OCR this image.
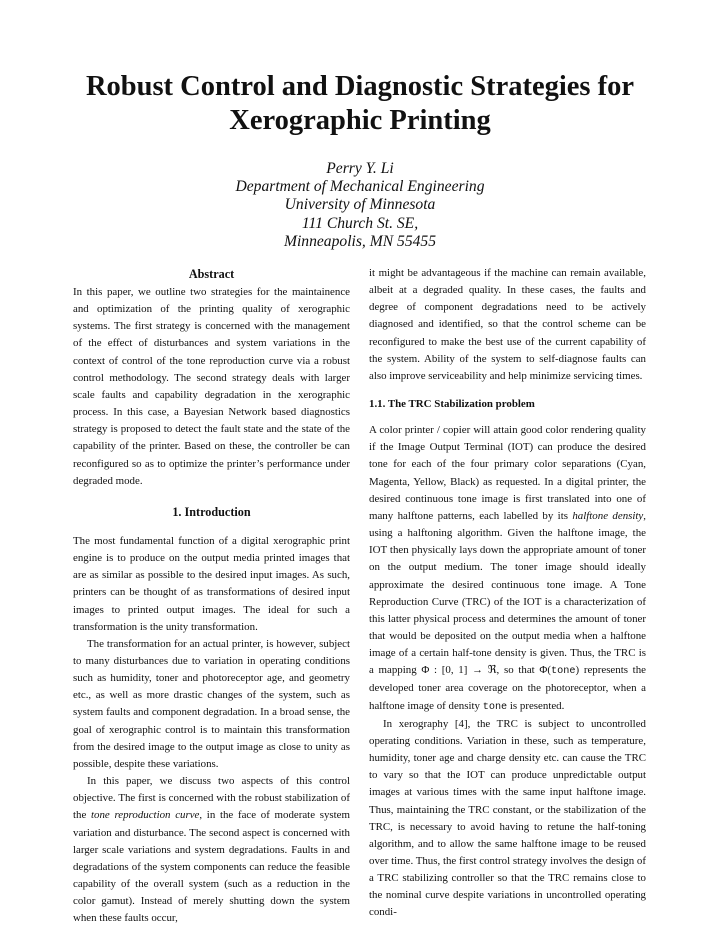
Robust Control and Diagnostic Strategies for
Xerographic Printing
Perry Y. Li
Department of Mechanical Engineering
University of Minnesota
111 Church St. SE,
Minneapolis, MN 55455
Abstract

In this paper, we outline two strategies for the maintainence and optimization of the printing quality of xerographic systems. The first strategy is concerned with the management of the effect of disturbances and system variations in the context of control of the tone reproduction curve via a robust control methodology. The second strategy deals with larger scale faults and capability degradation in the xerographic process. In this case, a Bayesian Network based diagnostics strategy is proposed to detect the fault state and the state of the capability of the printer. Based on these, the controller be can reconfigured so as to optimize the printer’s performance under degraded mode.

1. Introduction

The most fundamental function of a digital xerographic print engine is to produce on the output media printed images that are as similar as possible to the desired input images. As such, printers can be thought of as transformations of desired input images to printed output images. The ideal for such a transformation is the unity transformation.

The transformation for an actual printer, is however, subject to many disturbances due to variation in operating conditions such as humidity, toner and photoreceptor age, and geometry etc., as well as more drastic changes of the system, such as system faults and component degradation. In a broad sense, the goal of xerographic control is to maintain this transformation from the desired image to the output image as close to unity as possible, despite these variations.

In this paper, we discuss two aspects of this control objective. The first is concerned with the robust stabilization of the tone reproduction curve, in the face of moderate system variation and disturbance. The second aspect is concerned with larger scale variations and system degradations. Faults in and degradations of the system components can reduce the feasible capability of the overall system (such as a reduction in the color gamut). Instead of merely shutting down the system when these faults occur,

it might be advantageous if the machine can remain available, albeit at a degraded quality. In these cases, the faults and degree of component degradations need to be actively diagnosed and identified, so that the control scheme can be reconfigured to make the best use of the current capability of the system. Ability of the system to self-diagnose faults can also improve serviceability and help minimize servicing times.

1.1. The TRC Stabilization problem

A color printer / copier will attain good color rendering quality if the Image Output Terminal (IOT) can produce the desired tone for each of the four primary color separations (Cyan, Magenta, Yellow, Black) as requested. In a digital printer, the desired continuous tone image is first translated into one of many halftone patterns, each labelled by its halftone density, using a halftoning algorithm. Given the halftone image, the IOT then physically lays down the appropriate amount of toner on the output medium. The toner image should ideally approximate the desired continuous tone image. A Tone Reproduction Curve (TRC) of the IOT is a characterization of this latter physical process and determines the amount of toner that would be deposited on the output media when a halftone image of a certain half-tone density is given. Thus, the TRC is a mapping Φ : [0, 1] → ℜ, so that Φ(tone) represents the developed toner area coverage on the photoreceptor, when a halftone image of density tone is presented.

In xerography [4], the TRC is subject to uncontrolled operating conditions. Variation in these, such as temperature, humidity, toner age and charge density etc. can cause the TRC to vary so that the IOT can produce unpredictable output images at various times with the same input halftone image. Thus, maintaining the TRC constant, or the stabilization of the TRC, is necessary to avoid having to retune the half-toning algorithm, and to allow the same halftone image to be reused over time. Thus, the first control strategy involves the design of a TRC stabilizing controller so that the TRC remains close to the nominal curve despite variations in uncontrolled operating condi-
